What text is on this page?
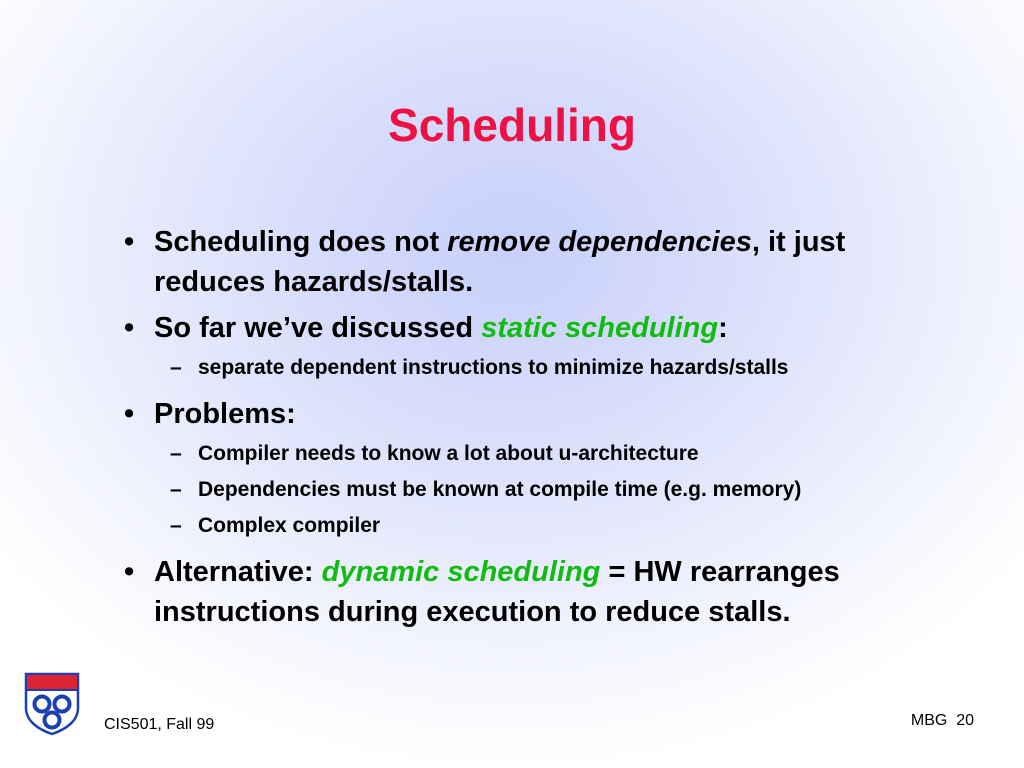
Scheduling
• Scheduling does not remove dependencies, it just reduces hazards/stalls.
• So far we’ve discussed static scheduling:
– separate dependent instructions to minimize hazards/stalls
• Problems:
– Compiler needs to know a lot about u-architecture
– Dependencies must be known at compile time (e.g. memory)
– Complex compiler
• Alternative: dynamic scheduling = HW rearranges instructions during execution to reduce stalls.
CIS501, Fall 99	MBG  20
